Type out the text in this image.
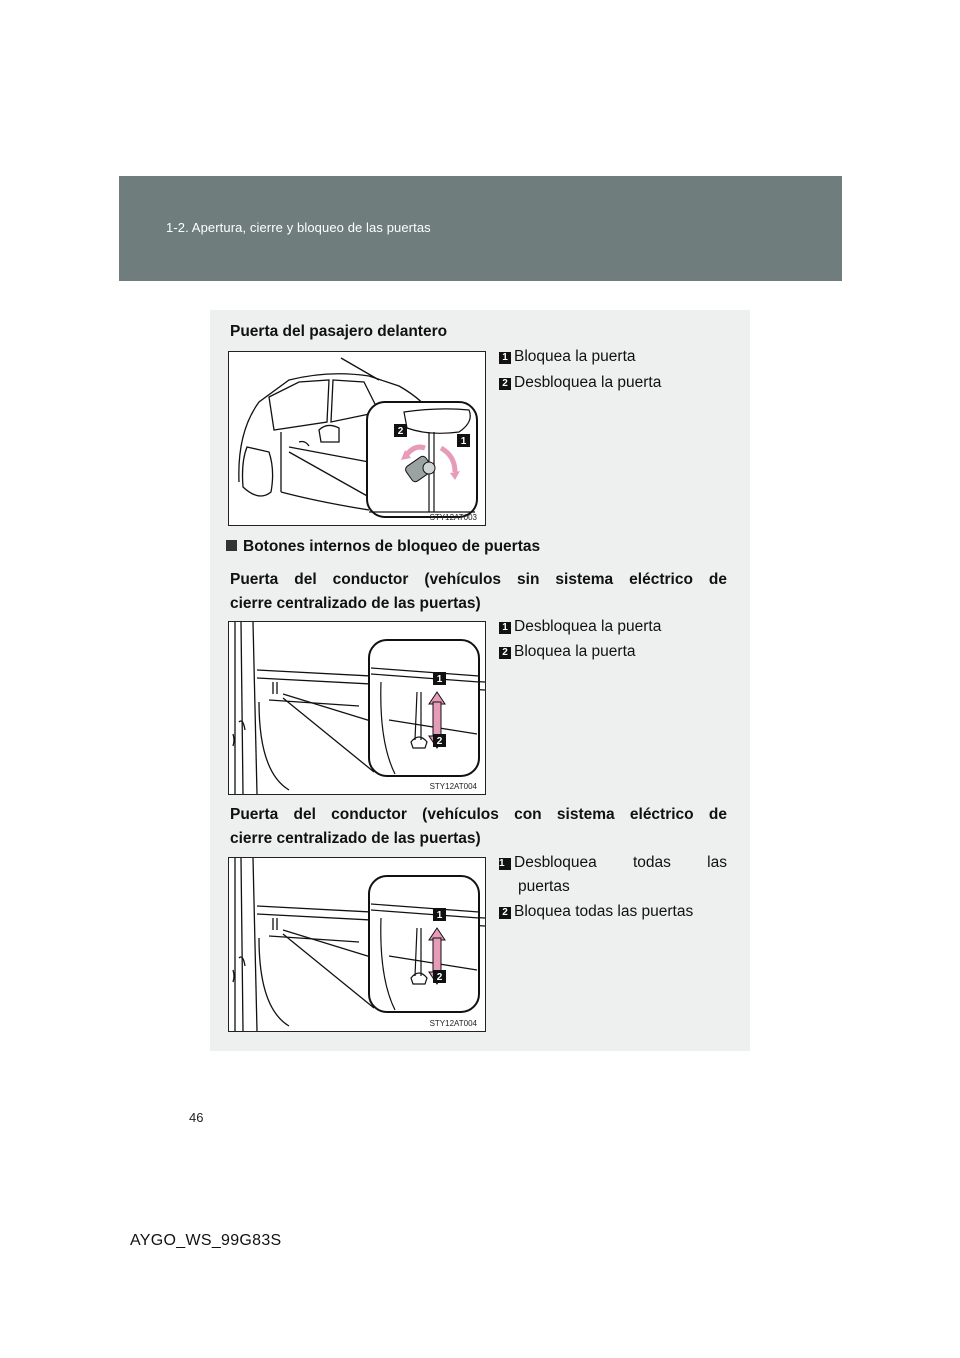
1-2. Apertura, cierre y bloqueo de las puertas
Puerta del pasajero delantero
2
1
STY12AT003
1 Bloquea la puerta
2 Desbloquea la puerta
Botones internos de bloqueo de puertas
Puerta del conductor (vehículos sin sistema eléctrico de
cierre centralizado de las puertas)
1
2
STY12AT004
1 Desbloquea la puerta
2 Bloquea la puerta
Puerta del conductor (vehículos con sistema eléctrico de
cierre centralizado de las puertas)
1
2
STY12AT004
1 Desbloquea todas las
puertas
2 Bloquea todas las puertas
46
AYGO_WS_99G83S
